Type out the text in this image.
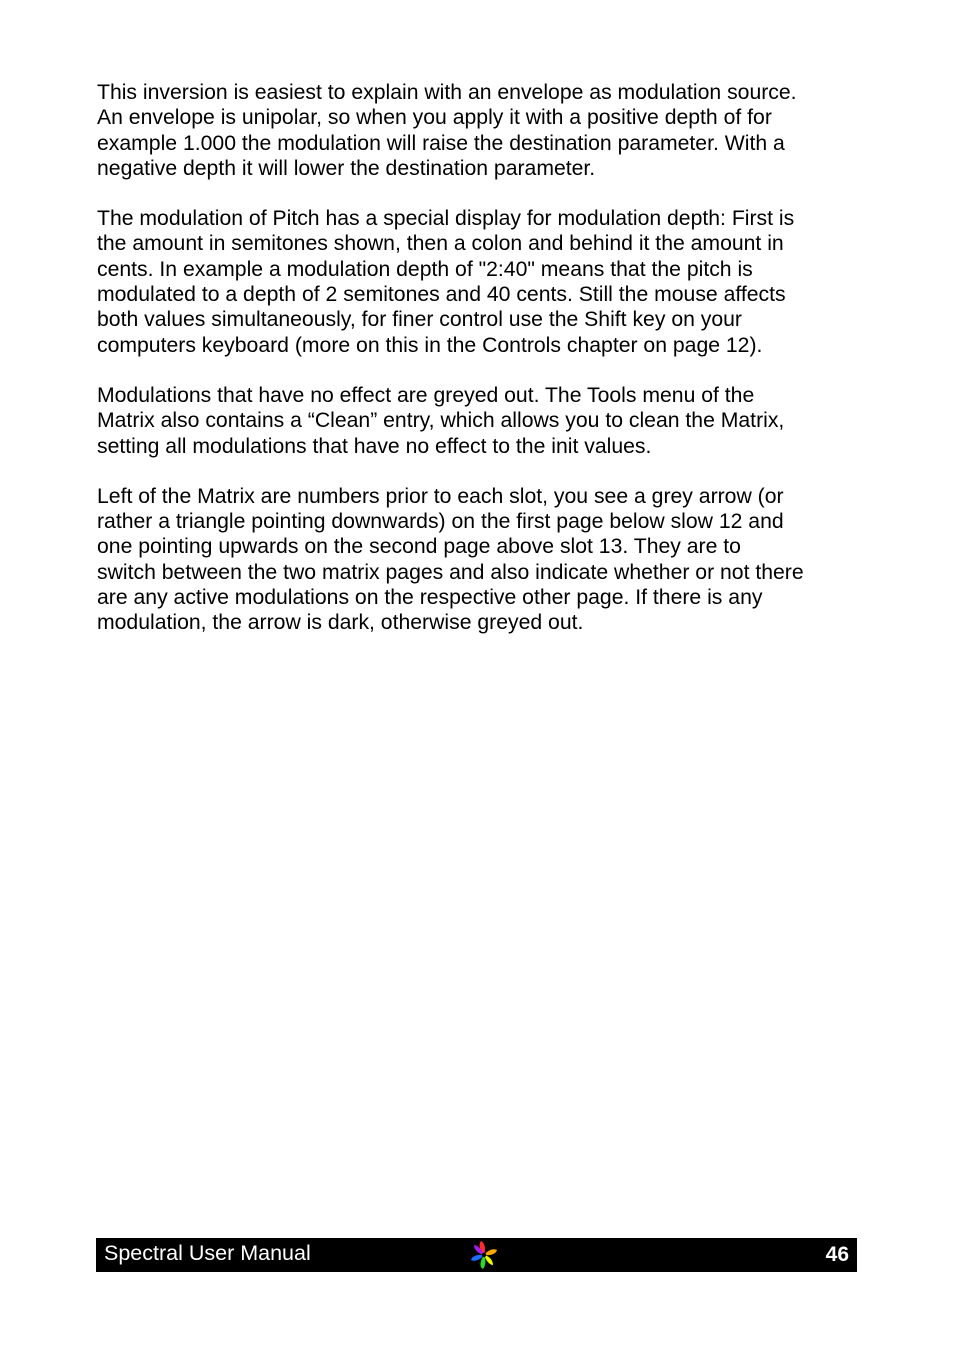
This inversion is easiest to explain with an envelope as modulation source.
An envelope is unipolar, so when you apply it with a positive depth of for
example 1.000 the modulation will raise the destination parameter. With a
negative depth it will lower the destination parameter.

The modulation of Pitch has a special display for modulation depth: First is
the amount in semitones shown, then a colon and behind it the amount in
cents. In example a modulation depth of "2:40" means that the pitch is
modulated to a depth of 2 semitones and 40 cents. Still the mouse affects
both values simultaneously, for finer control use the Shift key on your
computers keyboard (more on this in the Controls chapter on page 12).

Modulations that have no effect are greyed out. The Tools menu of the
Matrix also contains a “Clean” entry, which allows you to clean the Matrix,
setting all modulations that have no effect to the init values.

Left of the Matrix are numbers prior to each slot, you see a grey arrow (or
rather a triangle pointing downwards) on the first page below slow 12 and
one pointing upwards on the second page above slot 13. They are to
switch between the two matrix pages and also indicate whether or not there
are any active modulations on the respective other page. If there is any
modulation, the arrow is dark, otherwise greyed out.

Spectral User Manual	46
